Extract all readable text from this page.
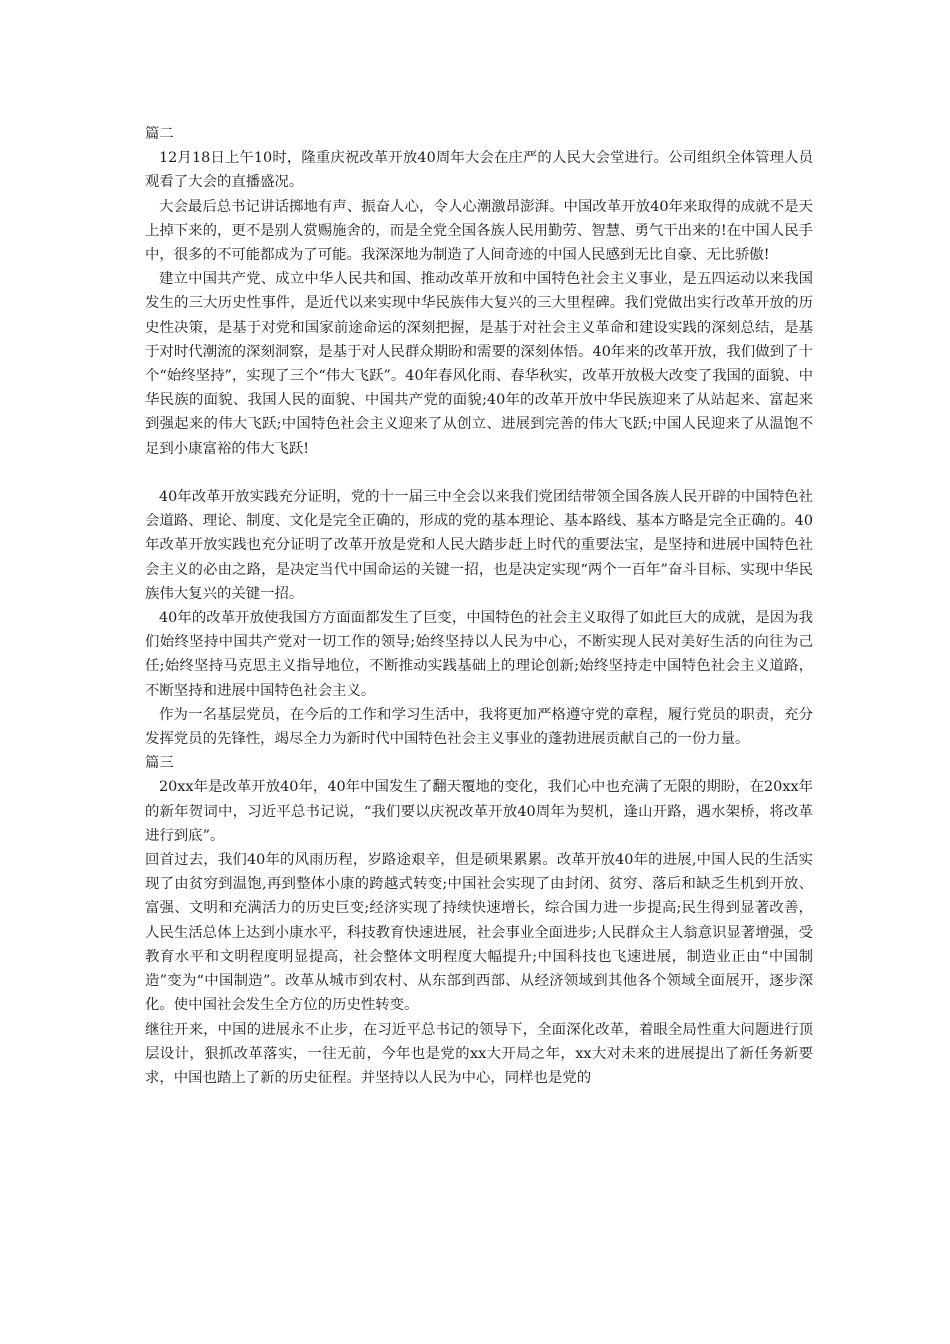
篇二

12月18日上午10时，隆重庆祝改革开放40周年大会在庄严的人民大会堂进行。公司组织全体管理人员观看了大会的直播盛况。

大会最后总书记讲话掷地有声、振奋人心，令人心潮激昂澎湃。中国改革开放40年来取得的成就不是天上掉下来的，更不是别人赏赐施舍的，而是全党全国各族人民用勤劳、智慧、勇气干出来的!在中国人民手中，很多的不可能都成为了可能。我深深地为制造了人间奇迹的中国人民感到无比自豪、无比骄傲!

建立中国共产党、成立中华人民共和国、推动改革开放和中国特色社会主义事业，是五四运动以来我国发生的三大历史性事件，是近代以来实现中华民族伟大复兴的三大里程碑。我们党做出实行改革开放的历史性决策，是基于对党和国家前途命运的深刻把握，是基于对社会主义革命和建设实践的深刻总结，是基于对时代潮流的深刻洞察，是基于对人民群众期盼和需要的深刻体悟。40年来的改革开放，我们做到了十个“始终坚持”，实现了三个“伟大飞跃”。40年春风化雨、春华秋实，改革开放极大改变了我国的面貌、中华民族的面貌、我国人民的面貌、中国共产党的面貌;40年的改革开放中华民族迎来了从站起来、富起来到强起来的伟大飞跃;中国特色社会主义迎来了从创立、进展到完善的伟大飞跃;中国人民迎来了从温饱不足到小康富裕的伟大飞跃!

40年改革开放实践充分证明，党的十一届三中全会以来我们党团结带领全国各族人民开辟的中国特色社会道路、理论、制度、文化是完全正确的，形成的党的基本理论、基本路线、基本方略是完全正确的。40年改革开放实践也充分证明了改革开放是党和人民大踏步赶上时代的重要法宝，是坚持和进展中国特色社会主义的必由之路，是决定当代中国命运的关键一招，也是决定实现“两个一百年”奋斗目标、实现中华民族伟大复兴的关键一招。

40年的改革开放使我国方方面面都发生了巨变，中国特色的社会主义取得了如此巨大的成就，是因为我们始终坚持中国共产党对一切工作的领导;始终坚持以人民为中心，不断实现人民对美好生活的向往为己任;始终坚持马克思主义指导地位，不断推动实践基础上的理论创新;始终坚持走中国特色社会主义道路，不断坚持和进展中国特色社会主义。

作为一名基层党员，在今后的工作和学习生活中，我将更加严格遵守党的章程，履行党员的职责，充分发挥党员的先锋性，竭尽全力为新时代中国特色社会主义事业的蓬勃进展贡献自己的一份力量。

篇三

20xx年是改革开放40年，40年中国发生了翻天覆地的变化，我们心中也充满了无限的期盼，在20xx年的新年贺词中，习近平总书记说，“我们要以庆祝改革开放40周年为契机，逢山开路，遇水架桥，将改革进行到底”。

回首过去，我们40年的风雨历程，岁路途艰辛，但是硕果累累。改革开放40年的进展,中国人民的生活实现了由贫穷到温饱,再到整体小康的跨越式转变;中国社会实现了由封闭、贫穷、落后和缺乏生机到开放、富强、文明和充满活力的历史巨变;经济实现了持续快速增长，综合国力进一步提高;民生得到显著改善，人民生活总体上达到小康水平，科技教育快速进展，社会事业全面进步;人民群众主人翁意识显著增强，受教育水平和文明程度明显提高，社会整体文明程度大幅提升;中国科技也飞速进展，制造业正由“中国制造”变为“中国制造”。改革从城市到农村、从东部到西部、从经济领域到其他各个领域全面展开，逐步深化。使中国社会发生全方位的历史性转变。

继往开来，中国的进展永不止步，在习近平总书记的领导下，全面深化改革，着眼全局性重大问题进行顶层设计，狠抓改革落实，一往无前，今年也是党的xx大开局之年，xx大对未来的进展提出了新任务新要求，中国也踏上了新的历史征程。并坚持以人民为中心，同样也是党的
